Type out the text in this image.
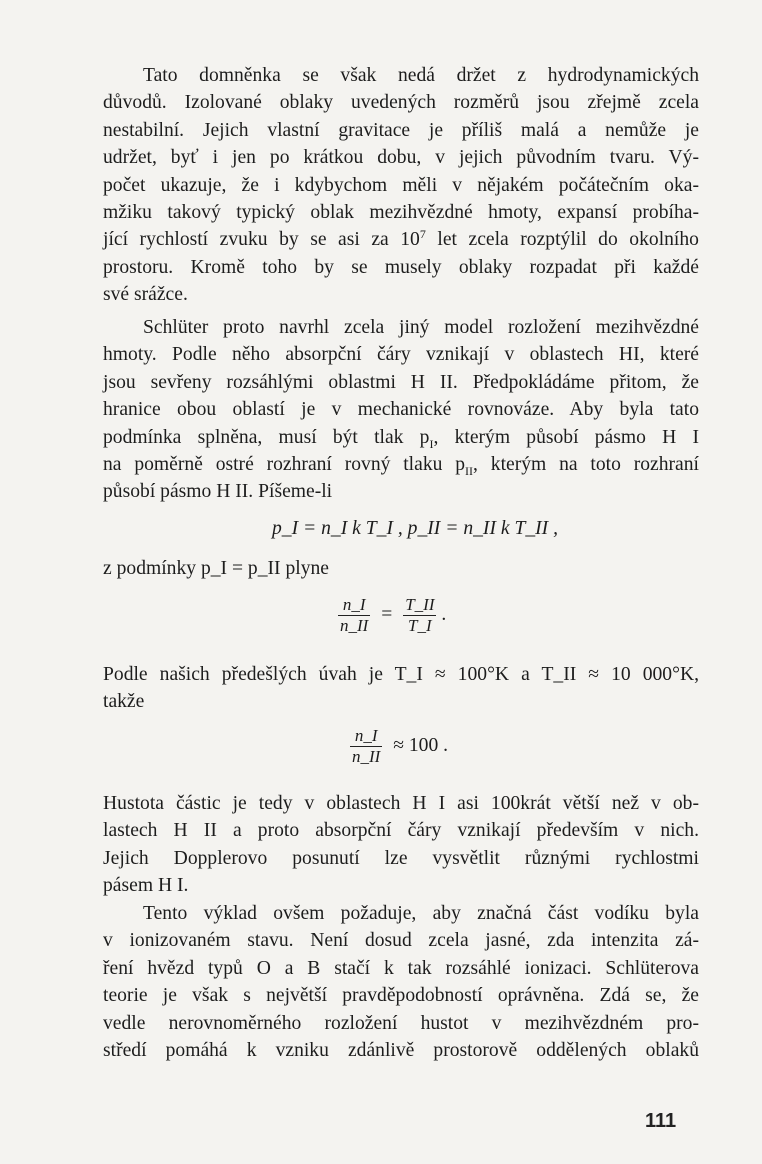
Tato domněnka se však nedá držet z hydrodynamických
důvodů. Izolované oblaky uvedených rozměrů jsou zřejmě zcela
nestabilní. Jejich vlastní gravitace je příliš malá a nemůže je
udržet, byť i jen po krátkou dobu, v jejich původním tvaru. Vý-
počet ukazuje, že i kdybychom měli v nějakém počátečním oka-
mžiku takový typický oblak mezihvězdné hmoty, expansí probíha-
jící rychlostí zvuku by se asi za $10^7$ let zcela rozptýlil do okolního
prostoru. Kromě toho by se musely oblaky rozpadat při každé
své srážce.
Schlüter proto navrhl zcela jiný model rozložení mezihvězdné
hmoty. Podle něho absorpční čáry vznikají v oblastech HI, které
jsou sevřeny rozsáhlými oblastmi H II. Předpokládáme přitom, že
hranice obou oblastí je v mechanické rovnováze. Aby byla tato
podmínka splněna, musí být tlak $p_I$, kterým působí pásmo H I
na poměrně ostré rozhraní rovný tlaku $p_{II}$, kterým na toto rozhraní
působí pásmo H II. Píšeme-li
p_I = n_I k T_I , p_II = n_II k T_II ,
z podmínky p_I = p_II plyne
$\frac{n\_I}{n\_II} = \frac{T\_II}{T\_I}$ .
Podle našich předešlých úvah je T_I ≈ 100°K a T_II ≈ 10 000°K,
takže
$\frac{n\_I}{n\_II} \approx 100$ .
Hustota částic je tedy v oblastech H I asi 100krát větší než v ob-
lastech H II a proto absorpční čáry vznikají především v nich.
Jejich Dopplerovo posunutí lze vysvětlit různými rychlostmi
pásem H I.
Tento výklad ovšem požaduje, aby značná část vodíku byla
v ionizovaném stavu. Není dosud zcela jasné, zda intenzita zá-
ření hvězd typů O a B stačí k tak rozsáhlé ionizaci. Schlüterova
teorie je však s největší pravděpodobností oprávněna. Zdá se, že
vedle nerovnoměrného rozložení hustot v mezihvězdném pro-
středí pomáhá k vzniku zdánlivě prostorově oddělených oblaků
111
